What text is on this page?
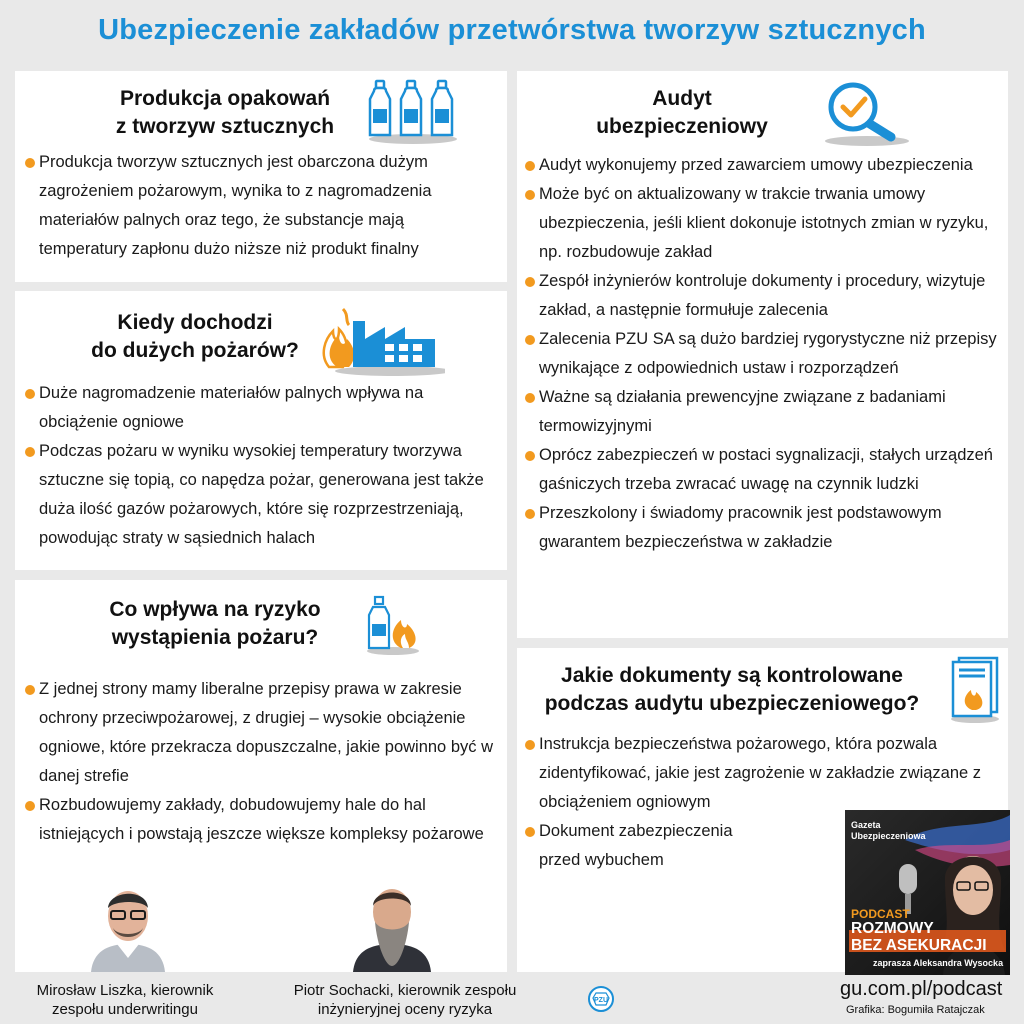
Ubezpieczenie zakładów przetwórstwa tworzyw sztucznych
Produkcja opakowań
z tworzyw sztucznych
Produkcja tworzyw sztucznych jest obarczona dużym zagrożeniem pożarowym, wynika to z nagromadzenia materiałów palnych oraz tego, że substancje mają temperatury zapłonu dużo niższe niż produkt finalny
Kiedy dochodzi
do dużych pożarów?
Duże nagromadzenie materiałów palnych wpływa na obciążenie ogniowe
Podczas pożaru w wyniku wysokiej temperatury tworzywa sztuczne się topią, co napędza pożar, generowana jest także duża ilość gazów pożarowych, które się rozprzestrzeniają, powodując straty w sąsiednich halach
Co wpływa na ryzyko
wystąpienia pożaru?
Z jednej strony mamy liberalne przepisy prawa w zakresie ochrony przeciwpożarowej, z drugiej – wysokie obciążenie ogniowe, które przekracza dopuszczalne, jakie powinno być w danej strefie
Rozbudowujemy zakłady, dobudowujemy hale do hal istniejących i powstają jeszcze większe kompleksy pożarowe
Audyt
ubezpieczeniowy
Audyt wykonujemy przed zawarciem umowy ubezpieczenia
Może być on aktualizowany w trakcie trwania umowy ubezpieczenia, jeśli klient dokonuje istotnych zmian w ryzyku, np. rozbudowuje zakład
Zespół inżynierów kontroluje dokumenty i procedury, wizytuje zakład, a następnie formułuje zalecenia
Zalecenia PZU SA są dużo bardziej rygorystyczne niż przepisy wynikające z odpowiednich ustaw i rozporządzeń
Ważne są działania prewencyjne związane z badaniami termowizyjnymi
Oprócz zabezpieczeń w postaci sygnalizacji, stałych urządzeń gaśniczych trzeba zwracać uwagę na czynnik ludzki
Przeszkolony i świadomy pracownik jest podstawowym gwarantem bezpieczeństwa w zakładzie
Jakie dokumenty są kontrolowane
podczas audytu ubezpieczeniowego?
Instrukcja bezpieczeństwa pożarowego, która pozwala zidentyfikować, jakie jest zagrożenie w zakładzie związane z obciążeniem ogniowym
Dokument zabezpieczenia przed wybuchem
Gazeta
Ubezpieczeniowa
PODCAST
ROZMOWY
BEZ ASEKURACJI
zaprasza Aleksandra Wysocka
Mirosław Liszka, kierownik
zespołu underwritingu
Piotr Sochacki, kierownik zespołu
inżynieryjnej oceny ryzyka
PZU
gu.com.pl/podcast
Grafika: Bogumiła Ratajczak
